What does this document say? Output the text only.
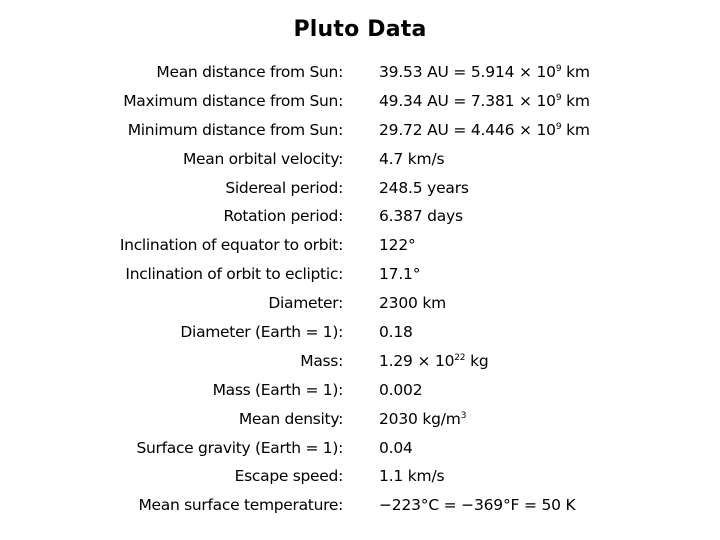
Pluto Data
Mean distance from Sun: 39.53 AU = $5.914 \times 10^9$ km
Maximum distance from Sun: 49.34 AU = $7.381 \times 10^9$ km
Minimum distance from Sun: 29.72 AU = $4.446 \times 10^9$ km
Mean orbital velocity: 4.7 km/s
Sidereal period: 248.5 years
Rotation period: 6.387 days
Inclination of equator to orbit: 122°
Inclination of orbit to ecliptic: 17.1°
Diameter: 2300 km
Diameter (Earth = 1): 0.18
Mass: $1.29 \times 10^{22}$ kg
Mass (Earth = 1): 0.002
Mean density: 2030 $kg/m^3$
Surface gravity (Earth = 1): 0.04
Escape speed: 1.1 km/s
Mean surface temperature: −223°C = −369°F = 50 K
